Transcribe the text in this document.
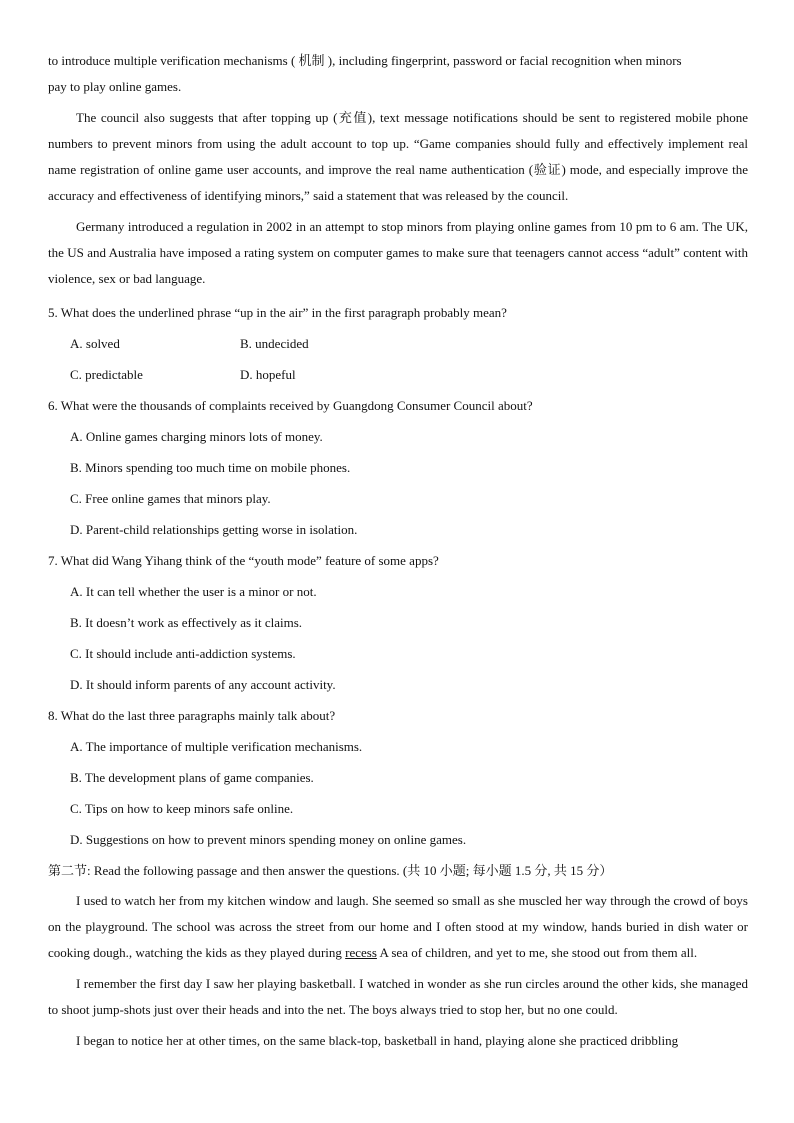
to introduce multiple verification mechanisms ( 机制 ), including fingerprint, password or facial recognition when minors

pay to play online games.

The council also suggests that after topping up (充值), text message notifications should be sent to registered mobile phone numbers to prevent minors from using the adult account to top up. “Game companies should fully and effectively implement real name registration of online game user accounts, and improve the real name authentication (验证) mode, and especially improve the accuracy and effectiveness of identifying minors,” said a statement that was released by the council.

Germany introduced a regulation in 2002 in an attempt to stop minors from playing online games from 10 pm to 6 am. The UK, the US and Australia have imposed a rating system on computer games to make sure that teenagers cannot access “adult” content with violence, sex or bad language.

5. What does the underlined phrase “up in the air” in the first paragraph probably mean?

A. solved	B. undecided
C. predictable	D. hopeful

6. What were the thousands of complaints received by Guangdong Consumer Council about?

A. Online games charging minors lots of money.

B. Minors spending too much time on mobile phones.

C. Free online games that minors play.

D. Parent-child relationships getting worse in isolation.

7. What did Wang Yihang think of the “youth mode” feature of some apps?

A. It can tell whether the user is a minor or not.

B. It doesn’t work as effectively as it claims.

C. It should include anti-addiction systems.

D. It should inform parents of any account activity.

8. What do the last three paragraphs mainly talk about?

A. The importance of multiple verification mechanisms.

B. The development plans of game companies.

C. Tips on how to keep minors safe online.

D. Suggestions on how to prevent minors spending money on online games.

第二节: Read the following passage and then answer the questions. (共 10 小题; 每小题 1.5 分, 共 15 分）

I used to watch her from my kitchen window and laugh. She seemed so small as she muscled her way through the crowd of boys on the playground. The school was across the street from our home and I often stood at my window, hands buried in dish water or cooking dough., watching the kids as they played during recess A sea of children, and yet to me, she stood out from them all.

I remember the first day I saw her playing basketball. I watched in wonder as she run circles around the other kids, she managed to shoot jump-shots just over their heads and into the net. The boys always tried to stop her, but no one could.

I began to notice her at other times, on the same black-top, basketball in hand, playing alone she practiced dribbling
